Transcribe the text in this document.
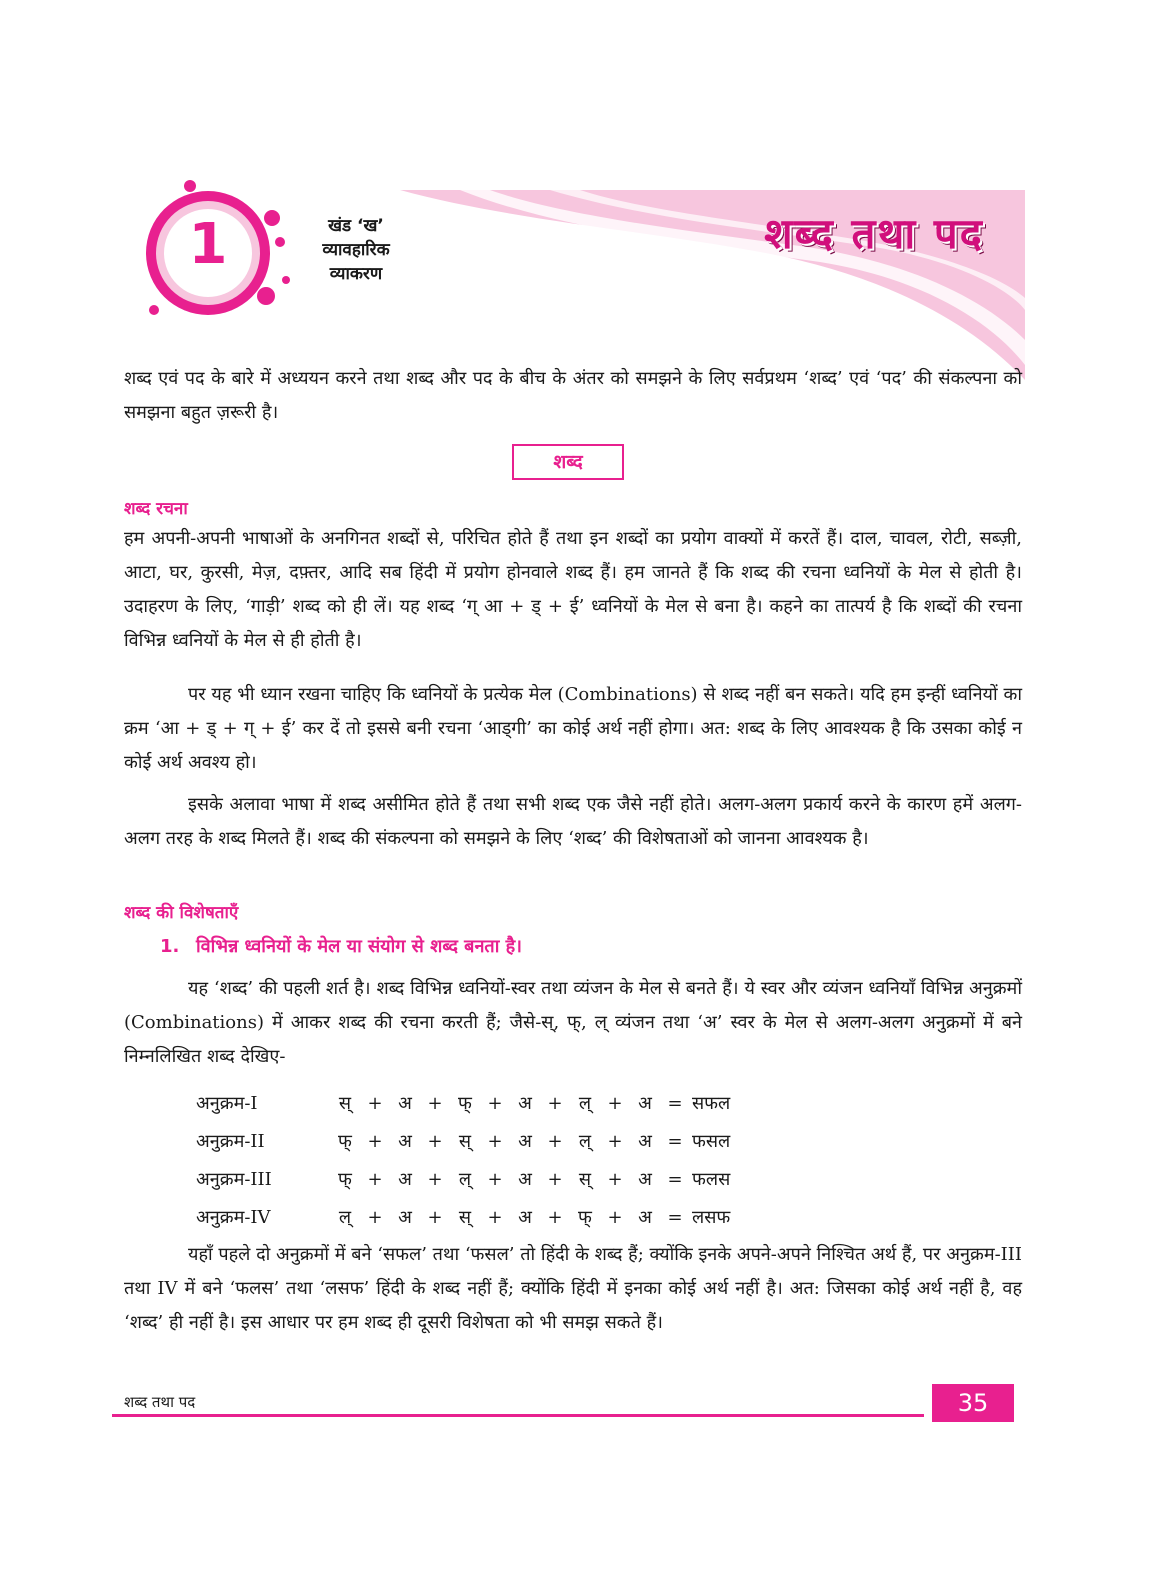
1	खंड ‘ख’
व्यावहारिक
व्याकरण
शब्द तथा पद

शब्द एवं पद के बारे में अध्ययन करने तथा शब्द और पद के बीच के अंतर को समझने के लिए सर्वप्रथम ‘शब्द’ एवं ‘पद’ की संकल्पना को समझना बहुत ज़रूरी है।

शब्द
शब्द रचना

हम अपनी-अपनी भाषाओं के अनगिनत शब्दों से, परिचित होते हैं तथा इन शब्दों का प्रयोग वाक्यों में करतें हैं। दाल, चावल, रोटी, सब्ज़ी, आटा, घर, कुरसी, मेज़, दफ़्तर, आदि सब हिंदी में प्रयोग होनवाले शब्द हैं। हम जानते हैं कि शब्द की रचना ध्वनियों के मेल से होती है। उदाहरण के लिए, ‘गाड़ी’ शब्द को ही लें। यह शब्द ‘ग् आ + ड् + ई’ ध्वनियों के मेल से बना है। कहने का तात्पर्य है कि शब्दों की रचना विभिन्न ध्वनियों के मेल से ही होती है।

पर यह भी ध्यान रखना चाहिए कि ध्वनियों के प्रत्येक मेल (Combinations) से शब्द नहीं बन सकते। यदि हम इन्हीं ध्वनियों का क्रम ‘आ + ड् + ग् + ई’ कर दें तो इससे बनी रचना ‘आड्गी’ का कोई अर्थ नहीं होगा। अत: शब्द के लिए आवश्यक है कि उसका कोई न कोई अर्थ अवश्य हो।

इसके अलावा भाषा में शब्द असीमित होते हैं तथा सभी शब्द एक जैसे नहीं होते। अलग-अलग प्रकार्य करने के कारण हमें अलग-अलग तरह के शब्द मिलते हैं। शब्द की संकल्पना को समझने के लिए ‘शब्द’ की विशेषताओं को जानना आवश्यक है।

शब्द की विशेषताएँ
1. विभिन्न ध्वनियों के मेल या संयोग से शब्द बनता है।

यह ‘शब्द’ की पहली शर्त है। शब्द विभिन्न ध्वनियों-स्वर तथा व्यंजन के मेल से बनते हैं। ये स्वर और व्यंजन ध्वनियाँ विभिन्न अनुक्रमों (Combinations) में आकर शब्द की रचना करती हैं; जैसे-स्, फ्, ल् व्यंजन तथा ‘अ’ स्वर के मेल से अलग-अलग अनुक्रमों में बने निम्नलिखित शब्द देखिए-

अनुक्रम-I	स्	+	अ	+	फ्	+	अ	+	ल्	+	अ	=	सफल
अनुक्रम-II	फ्	+	अ	+	स्	+	अ	+	ल्	+	अ	=	फसल
अनुक्रम-III	फ्	+	अ	+	ल्	+	अ	+	स्	+	अ	=	फलस
अनुक्रम-IV	ल्	+	अ	+	स्	+	अ	+	फ्	+	अ	=	लसफ

यहाँ पहले दो अनुक्रमों में बने ‘सफल’ तथा ‘फसल’ तो हिंदी के शब्द हैं; क्योंकि इनके अपने-अपने निश्चित अर्थ हैं, पर अनुक्रम-III तथा IV में बने ‘फलस’ तथा ‘लसफ’ हिंदी के शब्द नहीं हैं; क्योंकि हिंदी में इनका कोई अर्थ नहीं है। अत: जिसका कोई अर्थ नहीं है, वह ‘शब्द’ ही नहीं है। इस आधार पर हम शब्द ही दूसरी विशेषता को भी समझ सकते हैं।

शब्द तथा पद	35
